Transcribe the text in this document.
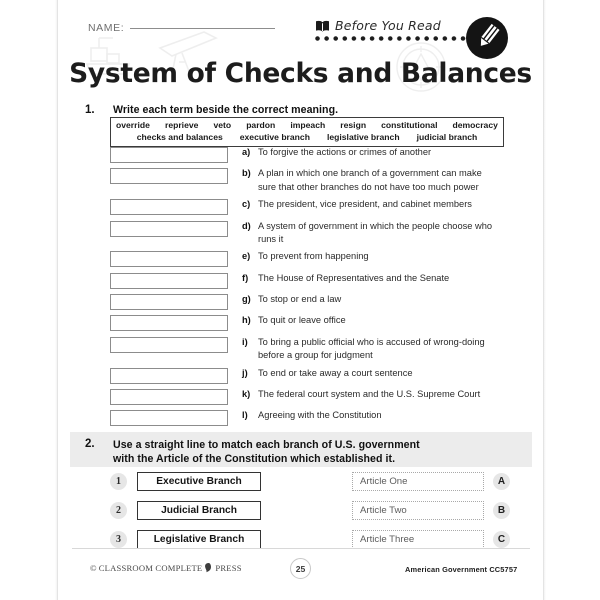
NAME:	Before You Read
System of Checks and Balances
1. Write each term beside the correct meaning.
override reprieve veto pardon impeach resign constitutional democracy
checks and balances executive branch legislative branch judicial branch
a) To forgive the actions or crimes of another
b) A plan in which one branch of a government can make sure that other branches do not have too much power
c) The president, vice president, and cabinet members
d) A system of government in which the people choose who runs it
e) To prevent from happening
f)	The House of Representatives and the Senate
g) To stop or end a law
h) To quit or leave office
i)	To bring a public official who is accused of wrong-doing before a group for judgment
j)	To end or take away a court sentence
k) The federal court system and the U.S. Supreme Court
l)	Agreeing with the Constitution
2. Use a straight line to match each branch of U.S. government with the Article of the Constitution which established it.
1	Executive Branch	Article One	A
2	Judicial Branch	Article Two	B
3	Legislative Branch	Article Three	C
© CLASSROOM COMPLETE PRESS	25	American Government CC5757
